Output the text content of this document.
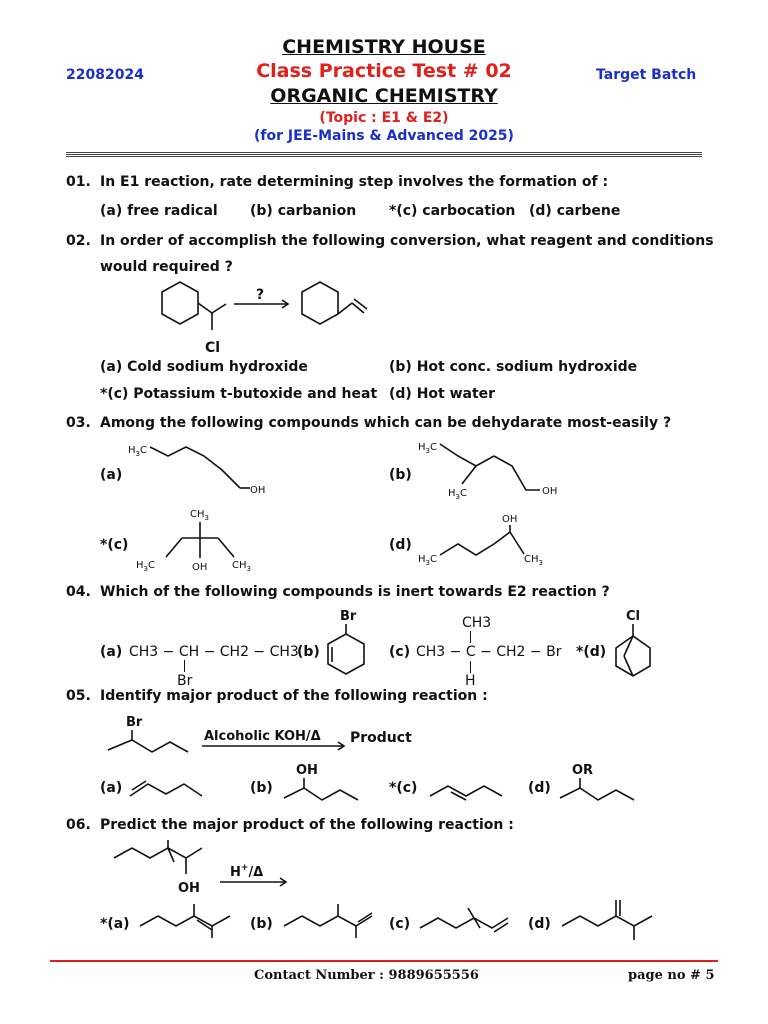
CHEMISTRY HOUSE
Class Practice Test # 02
22082024	Target Batch
ORGANIC CHEMISTRY
(Topic : E1 & E2)
(for JEE-Mains & Advanced 2025)
01. In E1 reaction, rate determining step involves the formation of :
(a) free radical (b) carbanion *(c) carbocation (d) carbene
02. In order of accomplish the following conversion, what reagent and conditions
would required ?
Cl
?
(a) Cold sodium hydroxide	(b) Hot conc. sodium hydroxide
*(c) Potassium t-butoxide and heat (d) Hot water
03. Among the following compounds which can be dehydarate most-easily ?
(a)
$H_3C$
OH
(b)
$H_3C$
$H_3C$	OH
*(c)
$CH_3$
$H_3C$	OH $CH_3$
(d)
$H_3C$
OH
$CH_3$
04. Which of the following compounds is inert towards E2 reaction ?
(a) CH3 − CH − CH2 − CH3
Br
(b)
Br
(c)
CH3
CH3 − C − CH2 − Br
H
*(d)
Cl
05. Identify major product of the following reaction :
Br
Alcoholic KOH/Δ Product
(a)	(b)
OH
*(c)	(d)
OR
06. Predict the major product of the following reaction :
OH
H+/Δ
*(a)	(b)	(c)	(d)
Contact Number : 9889655556	page no # 5
